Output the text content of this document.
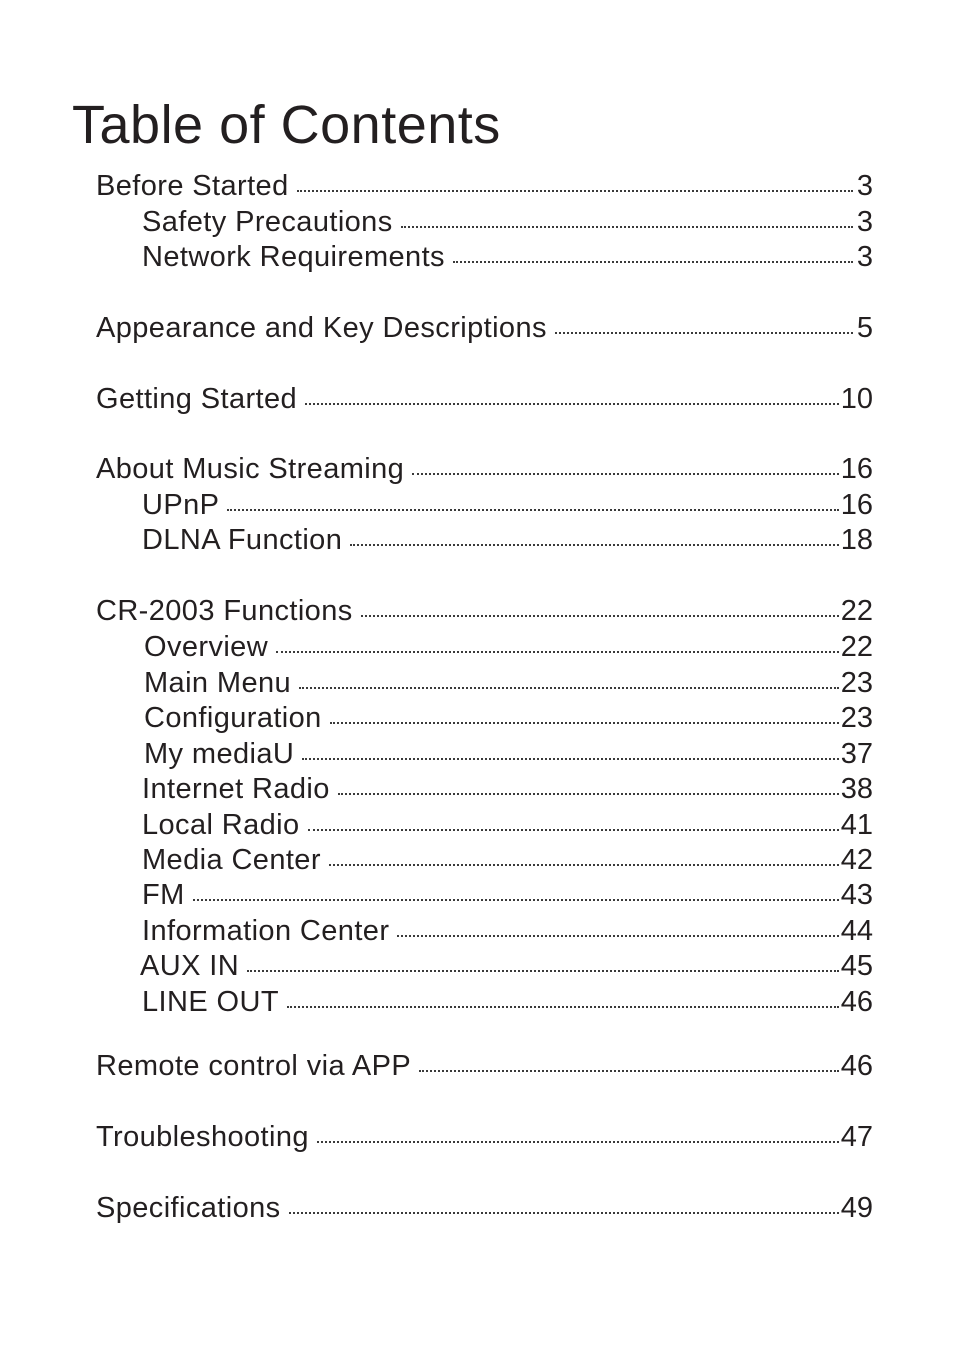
Table of Contents
Before Started	3
Safety Precautions	3
Network Requirements	3
Appearance and Key Descriptions	5
Getting Started	10
About Music Streaming	16
UPnP	16
DLNA Function	18
CR-2003 Functions	22
Overview	22
Main Menu	23
Configuration	23
My mediaU	37
Internet Radio	38
Local Radio	41
Media Center	42
FM	43
Information Center	44
AUX IN	45
LINE OUT	46
Remote control via APP	46
Troubleshooting	47
Specifications	49
